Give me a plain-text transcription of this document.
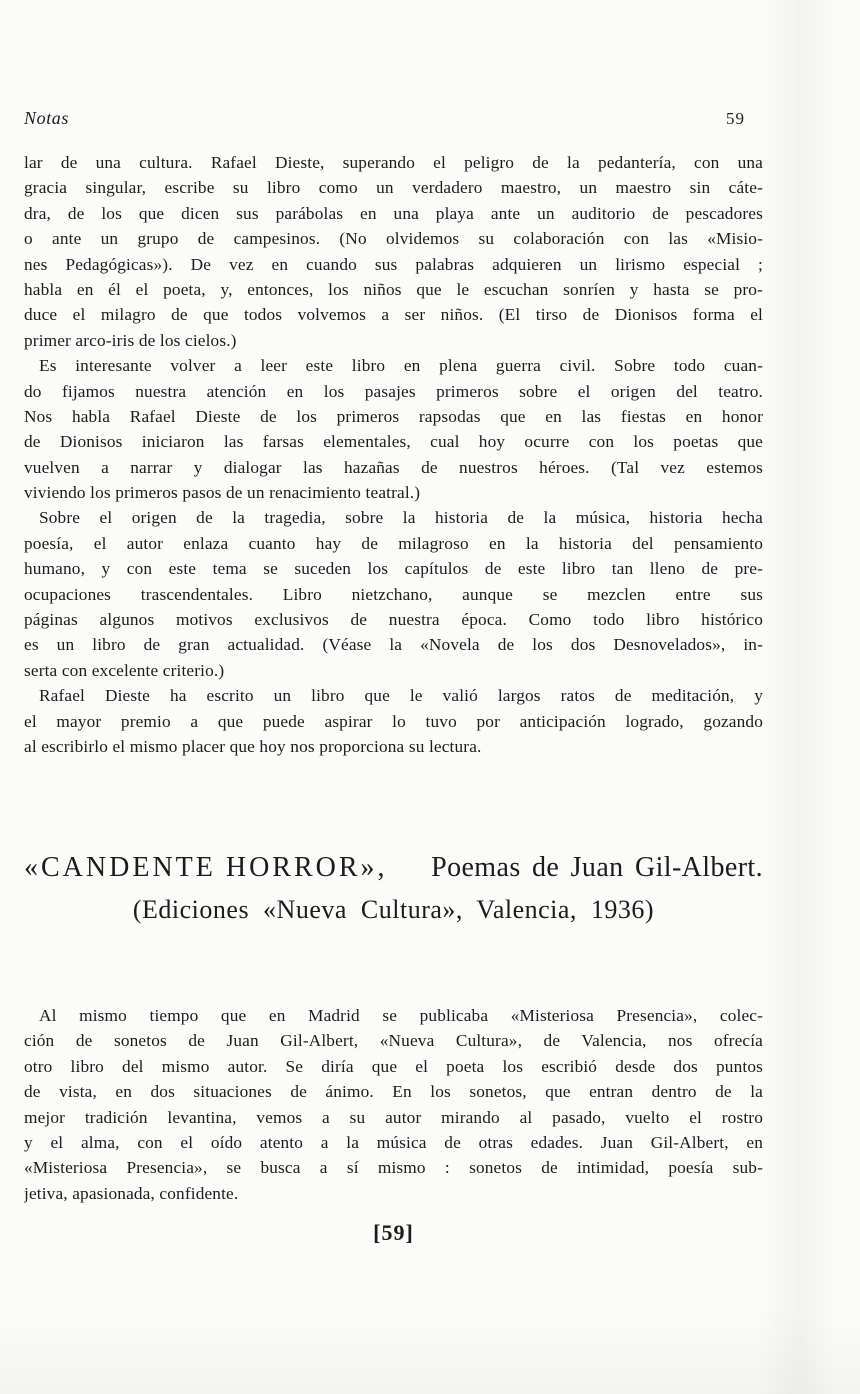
Notas	59
lar de una cultura. Rafael Dieste, superando el peligro de la pedantería, con una
gracia singular, escribe su libro como un verdadero maestro, un maestro sin cáte-
dra, de los que dicen sus parábolas en una playa ante un auditorio de pescadores
o ante un grupo de campesinos. (No olvidemos su colaboración con las «Misio-
nes Pedagógicas»). De vez en cuando sus palabras adquieren un lirismo especial ;
habla en él el poeta, y, entonces, los niños que le escuchan sonríen y hasta se pro-
duce el milagro de que todos volvemos a ser niños. (El tirso de Dionisos forma el
primer arco-iris de los cielos.)
Es interesante volver a leer este libro en plena guerra civil. Sobre todo cuan-
do fijamos nuestra atención en los pasajes primeros sobre el origen del teatro.
Nos habla Rafael Dieste de los primeros rapsodas que en las fiestas en honor
de Dionisos iniciaron las farsas elementales, cual hoy ocurre con los poetas que
vuelven a narrar y dialogar las hazañas de nuestros héroes. (Tal vez estemos
viviendo los primeros pasos de un renacimiento teatral.)
Sobre el origen de la tragedia, sobre la historia de la música, historia hecha
poesía, el autor enlaza cuanto hay de milagroso en la historia del pensamiento
humano, y con este tema se suceden los capítulos de este libro tan lleno de pre-
ocupaciones trascendentales. Libro nietzchano, aunque se mezclen entre sus
páginas algunos motivos exclusivos de nuestra época. Como todo libro histórico
es un libro de gran actualidad. (Véase la «Novela de los dos Desnovelados», in-
serta con excelente criterio.)
Rafael Dieste ha escrito un libro que le valió largos ratos de meditación, y
el mayor premio a que puede aspirar lo tuvo por anticipación logrado, gozando
al escribirlo el mismo placer que hoy nos proporciona su lectura.
«CANDENTE HORROR», Poemas de Juan Gil-Albert.
(Ediciones «Nueva Cultura», Valencia, 1936)
Al mismo tiempo que en Madrid se publicaba «Misteriosa Presencia», colec-
ción de sonetos de Juan Gil-Albert, «Nueva Cultura», de Valencia, nos ofrecía
otro libro del mismo autor. Se diría que el poeta los escribió desde dos puntos
de vista, en dos situaciones de ánimo. En los sonetos, que entran dentro de la
mejor tradición levantina, vemos a su autor mirando al pasado, vuelto el rostro
y el alma, con el oído atento a la música de otras edades. Juan Gil-Albert, en
«Misteriosa Presencia», se busca a sí mismo : sonetos de intimidad, poesía sub-
jetiva, apasionada, confidente.
[59]
